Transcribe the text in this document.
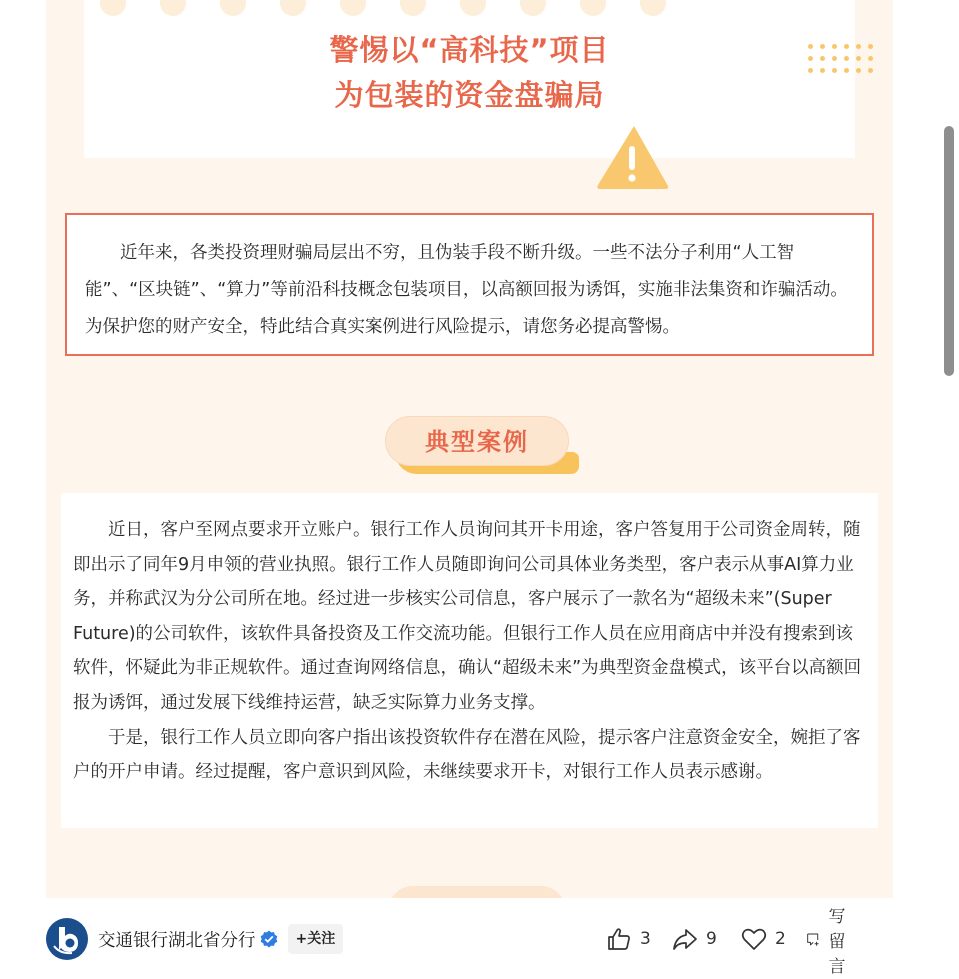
警惕以“高科技”项目
为包装的资金盘骗局

近年来，各类投资理财骗局层出不穷，且伪装手段不断升级。一些不法分子利用“人工智能”、“区块链”、“算力”等前沿科技概念包装项目，以高额回报为诱饵，实施非法集资和诈骗活动。为保护您的财产安全，特此结合真实案例进行风险提示，请您务必提高警惕。

典型案例

近日，客户至网点要求开立账户。银行工作人员询问其开卡用途，客户答复用于公司资金周转，随即出示了同年9月申领的营业执照。银行工作人员随即询问公司具体业务类型，客户表示从事AI算力业务，并称武汉为分公司所在地。经过进一步核实公司信息，客户展示了一款名为“超级未来”(Super Future)的公司软件，该软件具备投资及工作交流功能。但银行工作人员在应用商店中并没有搜索到该软件，怀疑此为非正规软件。通过查询网络信息，确认“超级未来”为典型资金盘模式，该平台以高额回报为诱饵，通过发展下线维持运营，缺乏实际算力业务支撑。

于是，银行工作人员立即向客户指出该投资软件存在潜在风险，提示客户注意资金安全，婉拒了客户的开户申请。经过提醒，客户意识到风险，未继续要求开卡，对银行工作人员表示感谢。

交通银行湖北省分行	+关注	3	9	2
写留言
